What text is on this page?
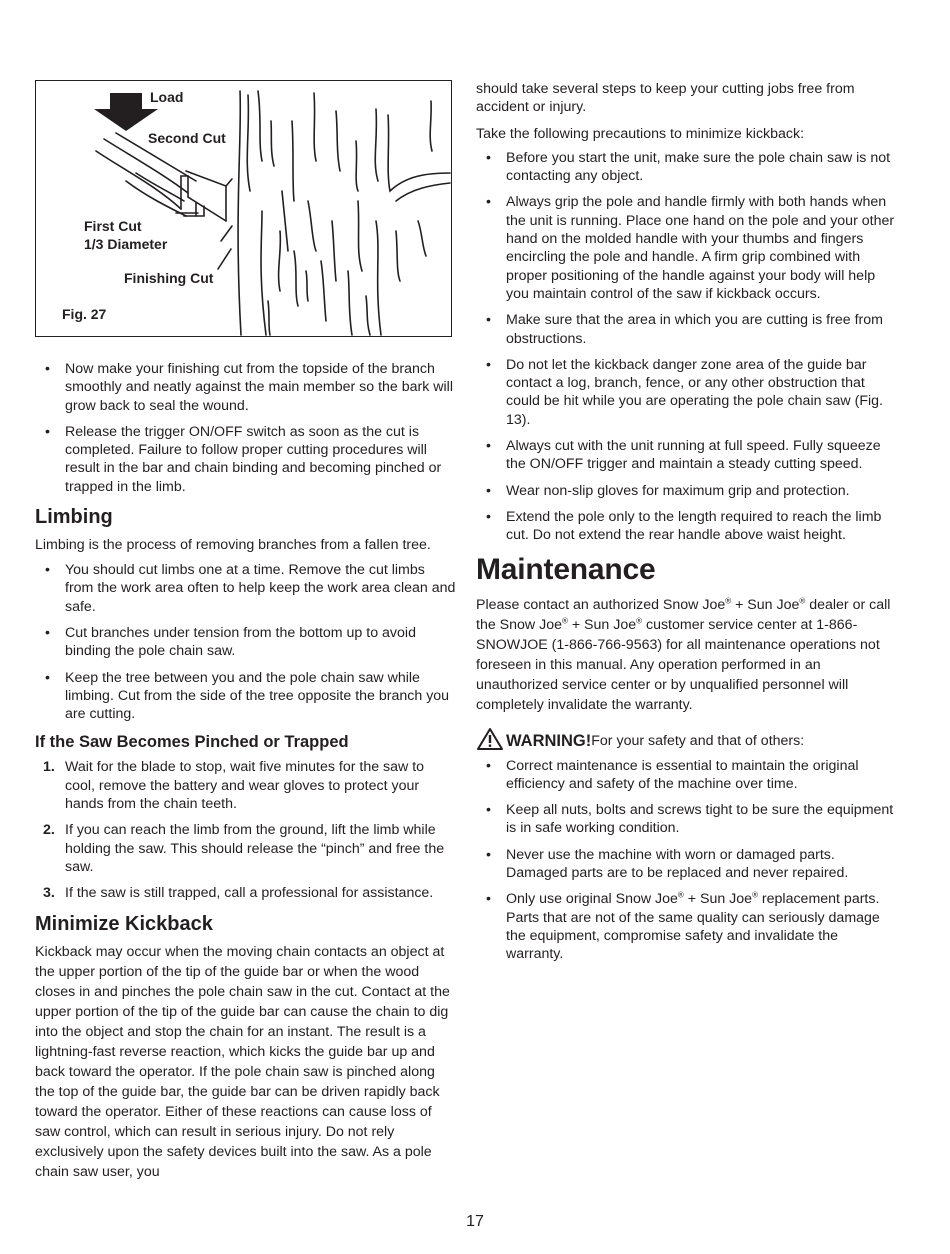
Load
Second Cut
First Cut
1/3 Diameter
Finishing Cut
Fig. 27
• Now make your finishing cut from the topside of the branch smoothly and neatly against the main member so the bark will grow back to seal the wound.
• Release the trigger ON/OFF switch as soon as the cut is completed. Failure to follow proper cutting procedures will result in the bar and chain binding and becoming pinched or trapped in the limb.
Limbing

Limbing is the process of removing branches from a fallen tree.

• You should cut limbs one at a time. Remove the cut limbs from the work area often to help keep the work area clean and safe.
• Cut branches under tension from the bottom up to avoid binding the pole chain saw.
• Keep the tree between you and the pole chain saw while limbing. Cut from the side of the tree opposite the branch you are cutting.
If the Saw Becomes Pinched or Trapped
1. Wait for the blade to stop, wait five minutes for the saw to cool, remove the battery and wear gloves to protect your hands from the chain teeth.
2. If you can reach the limb from the ground, lift the limb while holding the saw. This should release the “pinch” and free the saw.
3. If the saw is still trapped, call a professional for assistance.
Minimize Kickback

Kickback may occur when the moving chain contacts an object at the upper portion of the tip of the guide bar or when the wood closes in and pinches the pole chain saw in the cut. Contact at the upper portion of the tip of the guide bar can cause the chain to dig into the object and stop the chain for an instant. The result is a lightning-fast reverse reaction, which kicks the guide bar up and back toward the operator. If the pole chain saw is pinched along the top of the guide bar, the guide bar can be driven rapidly back toward the operator. Either of these reactions can cause loss of saw control, which can result in serious injury. Do not rely exclusively upon the safety devices built into the saw. As a pole chain saw user, you

should take several steps to keep your cutting jobs free from accident or injury.

Take the following precautions to minimize kickback:

• Before you start the unit, make sure the pole chain saw is not contacting any object.
• Always grip the pole and handle firmly with both hands when the unit is running. Place one hand on the pole and your other hand on the molded handle with your thumbs and fingers encircling the pole and handle. A firm grip combined with proper positioning of the handle against your body will help you maintain control of the saw if kickback occurs.
• Make sure that the area in which you are cutting is free from obstructions.
• Do not let the kickback danger zone area of the guide bar contact a log, branch, fence, or any other obstruction that could be hit while you are operating the pole chain saw (Fig. 13).
• Always cut with the unit running at full speed. Fully squeeze the ON/OFF trigger and maintain a steady cutting speed.
• Wear non-slip gloves for maximum grip and protection.
• Extend the pole only to the length required to reach the limb cut. Do not extend the rear handle above waist height.
Maintenance

Please contact an authorized Snow Joe® + Sun Joe® dealer or call the Snow Joe® + Sun Joe® customer service center at 1-866-SNOWJOE (1-866-766-9563) for all maintenance operations not foreseen in this manual. Any operation performed in an unauthorized service center or by unqualified personnel will completely invalidate the warranty.

WARNING! For your safety and that of others:
• Correct maintenance is essential to maintain the original efficiency and safety of the machine over time.
• Keep all nuts, bolts and screws tight to be sure the equipment is in safe working condition.
• Never use the machine with worn or damaged parts. Damaged parts are to be replaced and never repaired.
• Only use original Snow Joe® + Sun Joe® replacement parts. Parts that are not of the same quality can seriously damage the equipment, compromise safety and invalidate the warranty.
17
